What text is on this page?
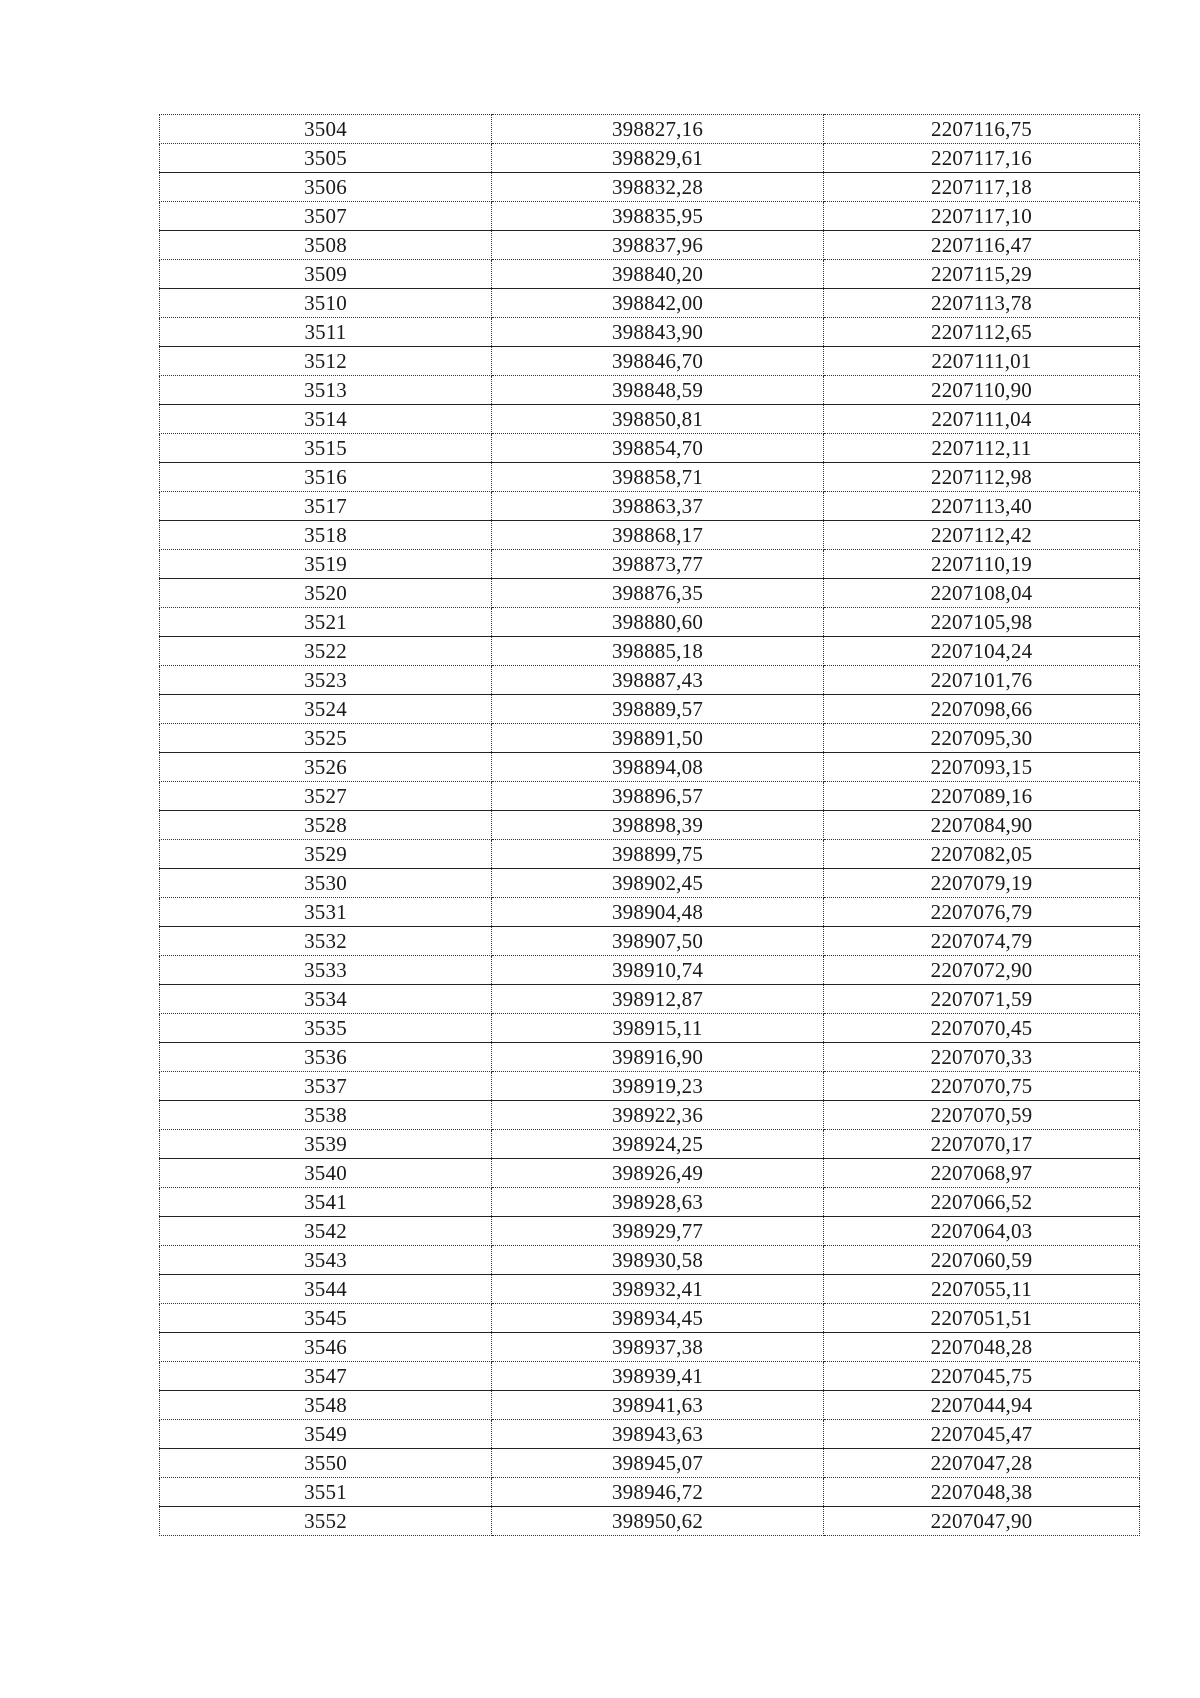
3504	398827,16	2207116,75
3505	398829,61	2207117,16
3506	398832,28	2207117,18
3507	398835,95	2207117,10
3508	398837,96	2207116,47
3509	398840,20	2207115,29
3510	398842,00	2207113,78
3511	398843,90	2207112,65
3512	398846,70	2207111,01
3513	398848,59	2207110,90
3514	398850,81	2207111,04
3515	398854,70	2207112,11
3516	398858,71	2207112,98
3517	398863,37	2207113,40
3518	398868,17	2207112,42
3519	398873,77	2207110,19
3520	398876,35	2207108,04
3521	398880,60	2207105,98
3522	398885,18	2207104,24
3523	398887,43	2207101,76
3524	398889,57	2207098,66
3525	398891,50	2207095,30
3526	398894,08	2207093,15
3527	398896,57	2207089,16
3528	398898,39	2207084,90
3529	398899,75	2207082,05
3530	398902,45	2207079,19
3531	398904,48	2207076,79
3532	398907,50	2207074,79
3533	398910,74	2207072,90
3534	398912,87	2207071,59
3535	398915,11	2207070,45
3536	398916,90	2207070,33
3537	398919,23	2207070,75
3538	398922,36	2207070,59
3539	398924,25	2207070,17
3540	398926,49	2207068,97
3541	398928,63	2207066,52
3542	398929,77	2207064,03
3543	398930,58	2207060,59
3544	398932,41	2207055,11
3545	398934,45	2207051,51
3546	398937,38	2207048,28
3547	398939,41	2207045,75
3548	398941,63	2207044,94
3549	398943,63	2207045,47
3550	398945,07	2207047,28
3551	398946,72	2207048,38
3552	398950,62	2207047,90
